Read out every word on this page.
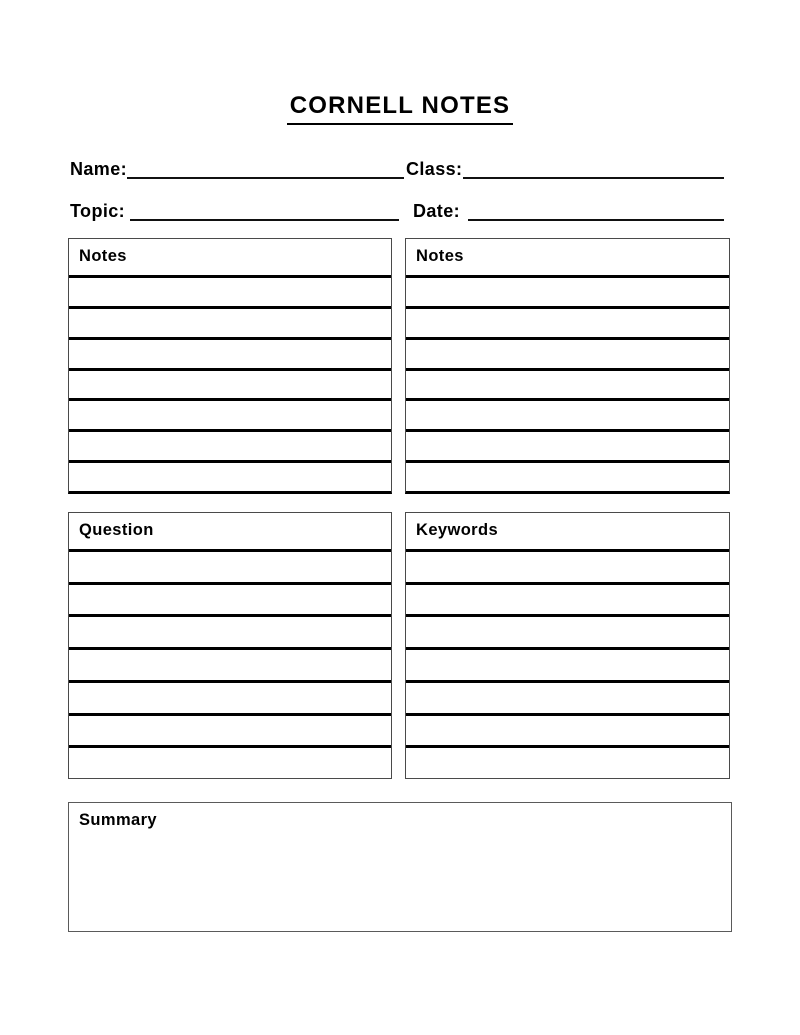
CORNELL NOTES
Name:	Class:
Topic:	Date:
Notes	Notes
Question	Keywords
Summary
